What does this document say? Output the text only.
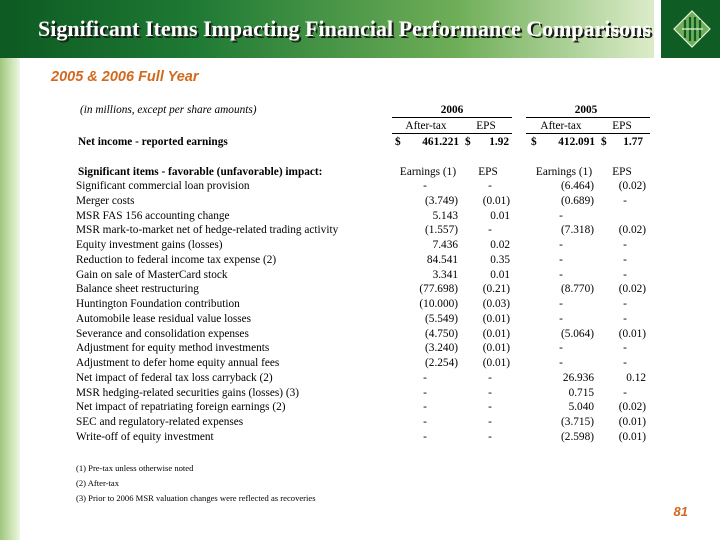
Significant Items Impacting Financial Performance Comparisons
2005 & 2006 Full Year
(in millions, except per share amounts)	2006	2005
After-tax	EPS	After-tax	EPS
Net income - reported earnings	$	461.221 $	1.92 $	412.091 $	1.77
Significant items - favorable (unfavorable) impact:	Earnings (1)	EPS	Earnings (1)	EPS
Significant commercial loan provision	-	-	(6.464)	(0.02)
Merger costs	(3.749)	(0.01)	(0.689)	-
MSR FAS 156 accounting change	5.143	0.01	-
MSR mark-to-market net of hedge-related trading activity	(1.557)	-	(7.318)	(0.02)
Equity investment gains (losses)	7.436	0.02	-	-
Reduction to federal income tax expense (2)	84.541	0.35	-	-
Gain on sale of MasterCard stock	3.341	0.01	-	-
Balance sheet restructuring	(77.698)	(0.21)	(8.770)	(0.02)
Huntington Foundation contribution	(10.000)	(0.03)	-	-
Automobile lease residual value losses	(5.549)	(0.01)	-	-
Severance and consolidation expenses	(4.750)	(0.01)	(5.064)	(0.01)
Adjustment for equity method investments	(3.240)	(0.01)	-	-
Adjustment to defer home equity annual fees	(2.254)	(0.01)	-	-
Net impact of federal tax loss carryback (2)	-	-	26.936	0.12
MSR hedging-related securities gains (losses) (3)	-	-	0.715	-
Net impact of repatriating foreign earnings (2)	-	-	5.040	(0.02)
SEC and regulatory-related expenses	-	-	(3.715)	(0.01)
Write-off of equity investment	-	-	(2.598)	(0.01)
(1) Pre-tax unless otherwise noted
(2) After-tax
(3) Prior to 2006 MSR valuation changes were reflected as recoveries
81
